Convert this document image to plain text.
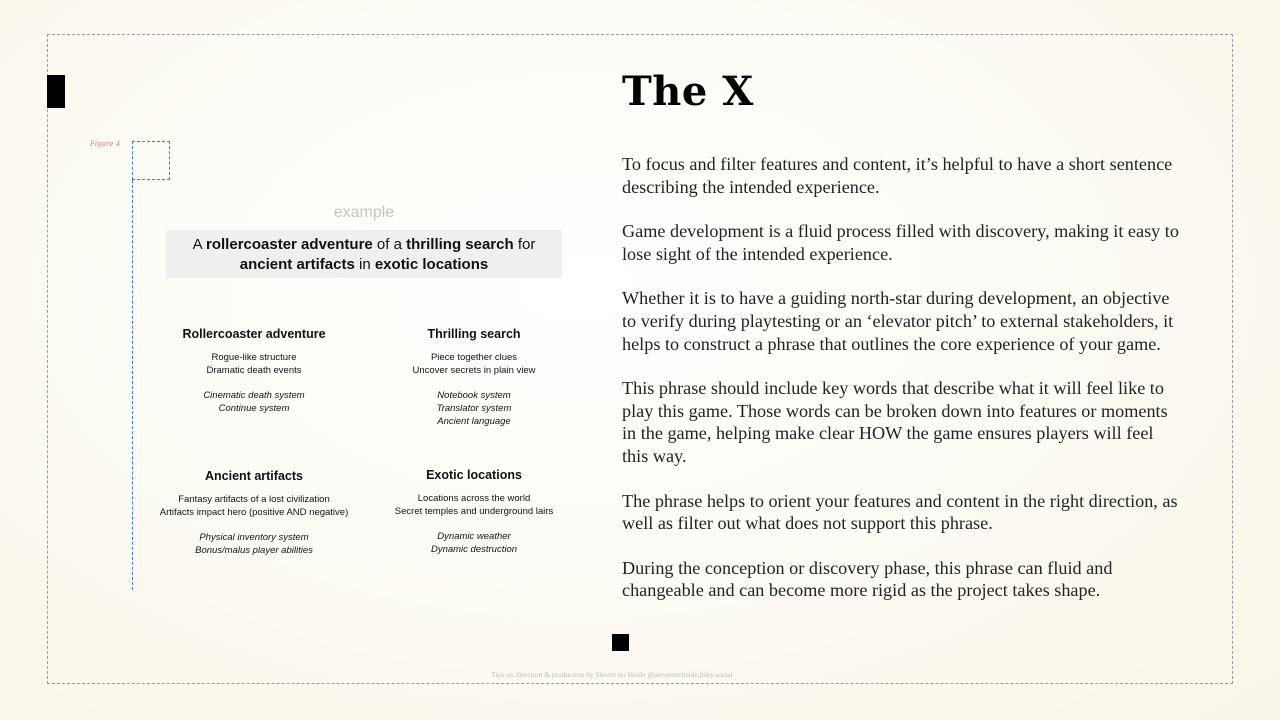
Figure 4
example
A rollercoaster adventure of a thrilling search for
ancient artifacts in exotic locations
Rollercoaster adventure
Rogue-like structure
Dramatic death events
Cinematic death system
Continue system
Thrilling search
Piece together clues
Uncover secrets in plain view
Notebook system
Translator system
Ancient language
Ancient artifacts
Fantasy artifacts of a lost civilization
Artifacts impact hero (positive AND negative)
Physical inventory system
Bonus/malus player abilities
Exotic locations
Locations across the world
Secret temples and underground lairs
Dynamic weather
Dynamic destruction
The X

To focus and filter features and content, it’s helpful to have a short sentence describing the intended experience.

Game development is a fluid process filled with discovery, making it easy to lose sight of the intended experience.

Whether it is to have a guiding north-star during development, an objective to verify during playtesting or an ‘elevator pitch’ to external stakeholders, it helps to construct a phrase that outlines the core experience of your game.

This phrase should include key words that describe what it will feel like to play this game. Those words can be broken down into features or moments in the game, helping make clear HOW the game ensures players will feel this way.

The phrase helps to orient your features and content in the right direction, as well as filter out what does not support this phrase.

During the conception or discovery phase, this phrase can fluid and changeable and can become more rigid as the project takes shape.

Tips on direction & production by Steven ter Heide @steventerheide.bsky.social
